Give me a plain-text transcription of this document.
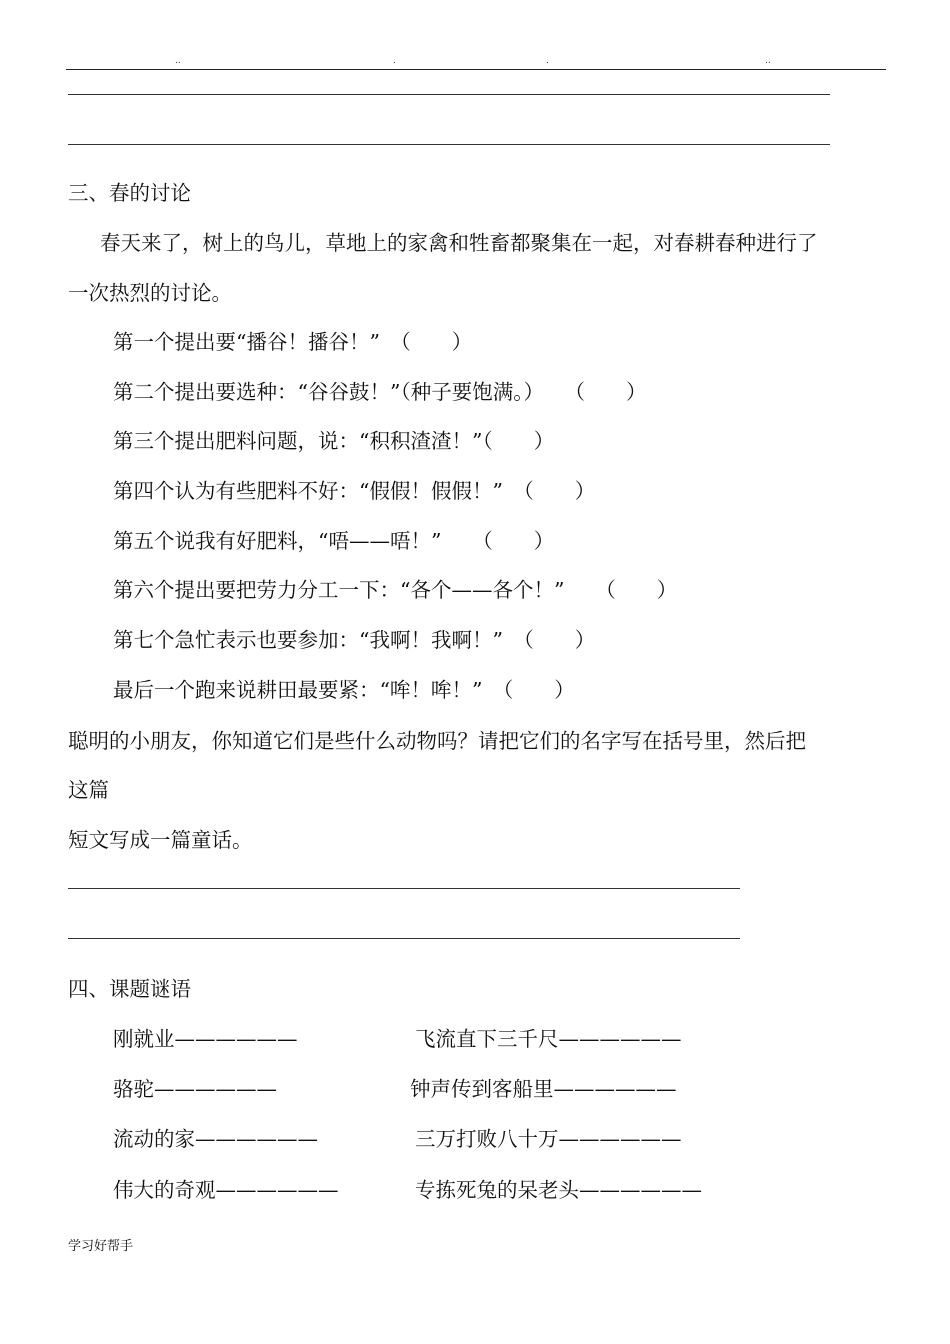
..	.	.	..
三、春的讨论
春天来了，树上的鸟儿，草地上的家禽和牲畜都聚集在一起，对春耕春种进行了
一次热烈的讨论。
第一个提出要“播谷！播谷！”　（　　）
第二个提出要选种：“谷谷鼓！”（种子要饱满。）　　（　　）
第三个提出肥料问题，说：“积积渣渣！”（　　）
第四个认为有些肥料不好：“假假！假假！”　（　　）
第五个说我有好肥料，“唔——唔！”　　（　　）
第六个提出要把劳力分工一下：“各个——各个！”　　（　　）
第七个急忙表示也要参加：“我啊！我啊！”　（　　）
最后一个跑来说耕田最要紧：“哞！哞！”　（　　）
聪明的小朋友，你知道它们是些什么动物吗？请把它们的名字写在括号里，然后把
这篇
短文写成一篇童话。
四、课题谜语
刚就业——————	飞流直下三千尺——————
骆驼——————	钟声传到客船里——————
流动的家——————	三万打败八十万——————
伟大的奇观——————	专拣死兔的呆老头——————
学习好帮手
